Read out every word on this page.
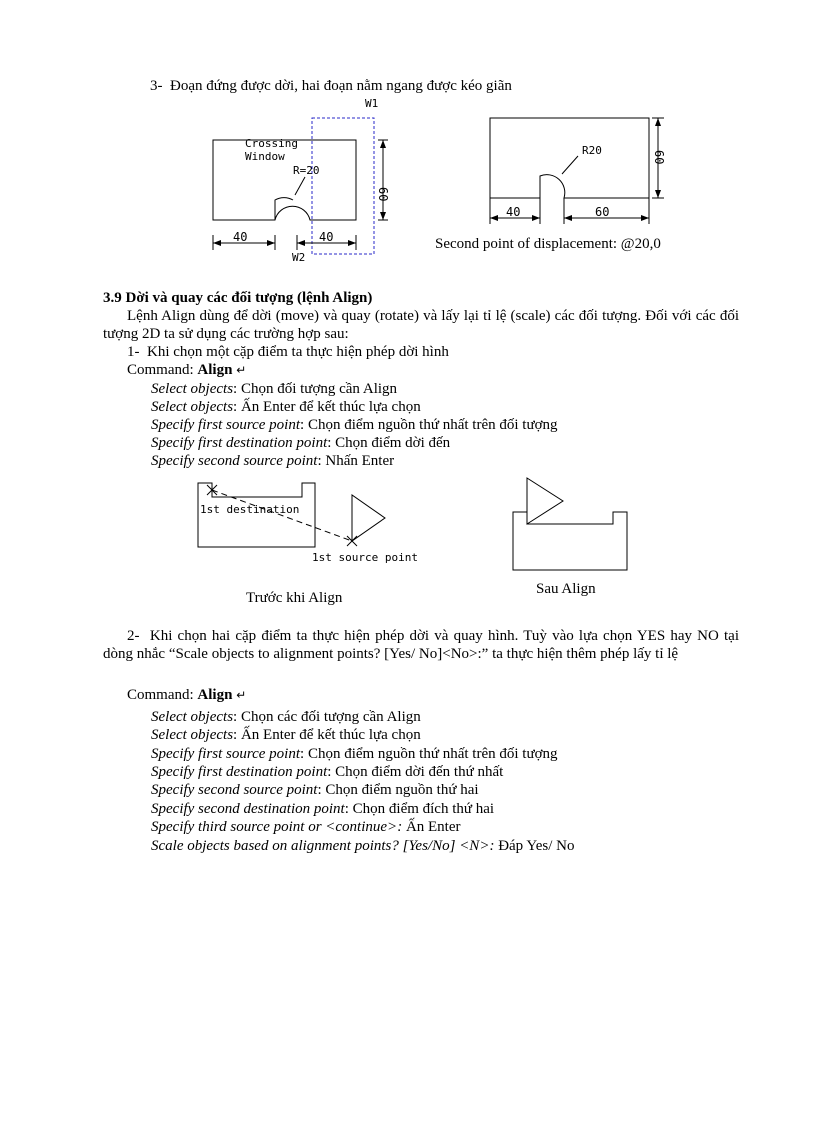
3- Đoạn đứng được dời, hai đoạn nằm ngang được kéo giãn
W1
Crossing
Window
R=20
60
40	40
W2
R20	60
40	60
Second point of displacement: @20,0
3.9 Dời và quay các đối tượng (lệnh Align)
Lệnh Align dùng để dời (move) và quay (rotate) và lấy lại tỉ lệ (scale) các đối tượng. Đối với các đối tượng 2D ta sử dụng các trường hợp sau:
1- Khi chọn một cặp điểm ta thực hiện phép dời hình
Command: Align ↵
Select objects: Chọn đối tượng cần Align
Select objects: Ấn Enter để kết thúc lựa chọn
Specify first source point: Chọn điểm nguồn thứ nhất trên đối tượng
Specify first destination point: Chọn điểm dời đến
Specify second source point: Nhấn Enter
1st destination
1st source point
Trước khi Align
Sau Align
2- Khi chọn hai cặp điểm ta thực hiện phép dời và quay hình. Tuỳ vào lựa chọn YES hay NO tại dòng nhắc “Scale objects to alignment points? [Yes/ No]<No>:” ta thực hiện thêm phép lấy tỉ lệ
Command: Align ↵
Select objects: Chọn các đối tượng cần Align
Select objects: Ấn Enter để kết thúc lựa chọn
Specify first source point: Chọn điểm nguồn thứ nhất trên đối tượng
Specify first destination point: Chọn điểm dời đến thứ nhất
Specify second source point: Chọn điểm nguồn thứ hai
Specify second destination point: Chọn điểm đích thứ hai
Specify third source point or <continue>: Ấn Enter
Scale objects based on alignment points? [Yes/No] <N>: Đáp Yes/ No
